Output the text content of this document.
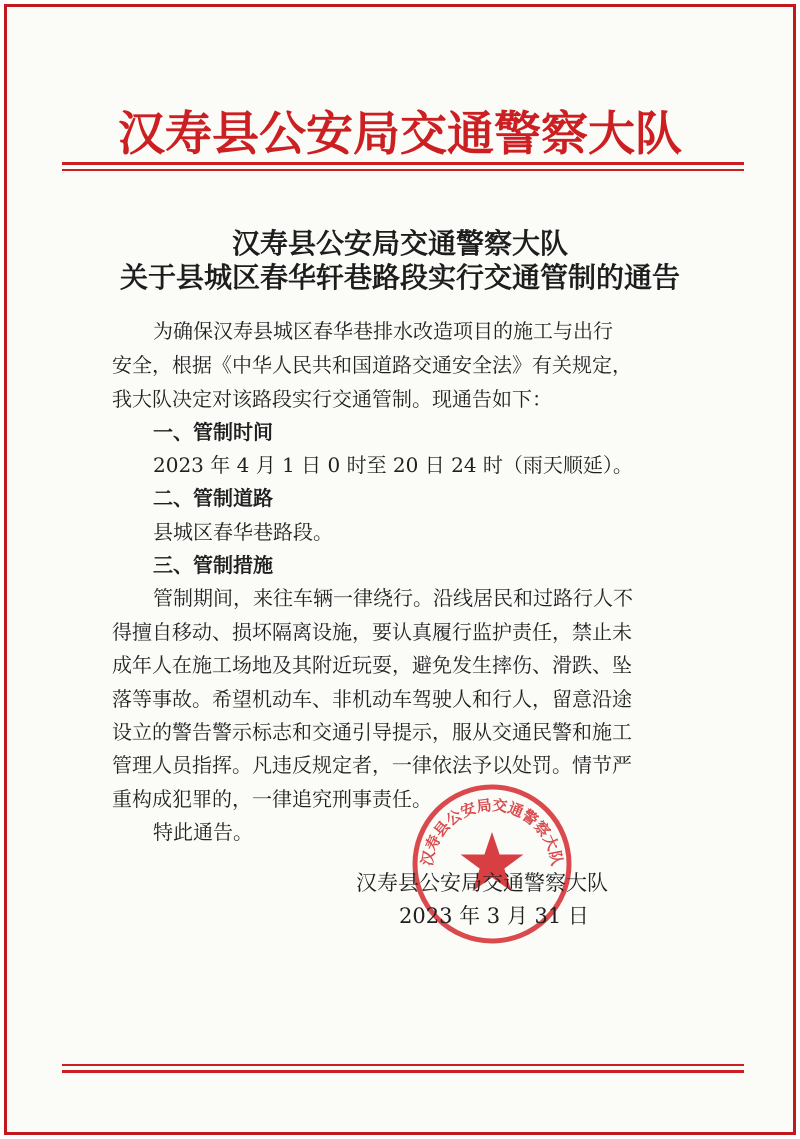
汉寿县公安局交通警察大队
汉寿县公安局交通警察大队
关于县城区春华轩巷路段实行交通管制的通告
为确保汉寿县城区春华巷排水改造项目的施工与出行
安全，根据《中华人民共和国道路交通安全法》有关规定，
我大队决定对该路段实行交通管制。现通告如下：
一、管制时间
2023 年 4 月 1 日 0 时至 20 日 24 时（雨天顺延）。
二、管制道路
县城区春华巷路段。
三、管制措施
管制期间，来往车辆一律绕行。沿线居民和过路行人不
得擅自移动、损坏隔离设施，要认真履行监护责任，禁止未
成年人在施工场地及其附近玩耍，避免发生摔伤、滑跌、坠
落等事故。希望机动车、非机动车驾驶人和行人，留意沿途
设立的警告警示标志和交通引导提示，服从交通民警和施工
管理人员指挥。凡违反规定者，一律依法予以处罚。情节严
重构成犯罪的，一律追究刑事责任。
特此通告。
汉寿县公安局交通警察大队
汉寿县公安局交通警察大队
2023 年 3 月 31 日
